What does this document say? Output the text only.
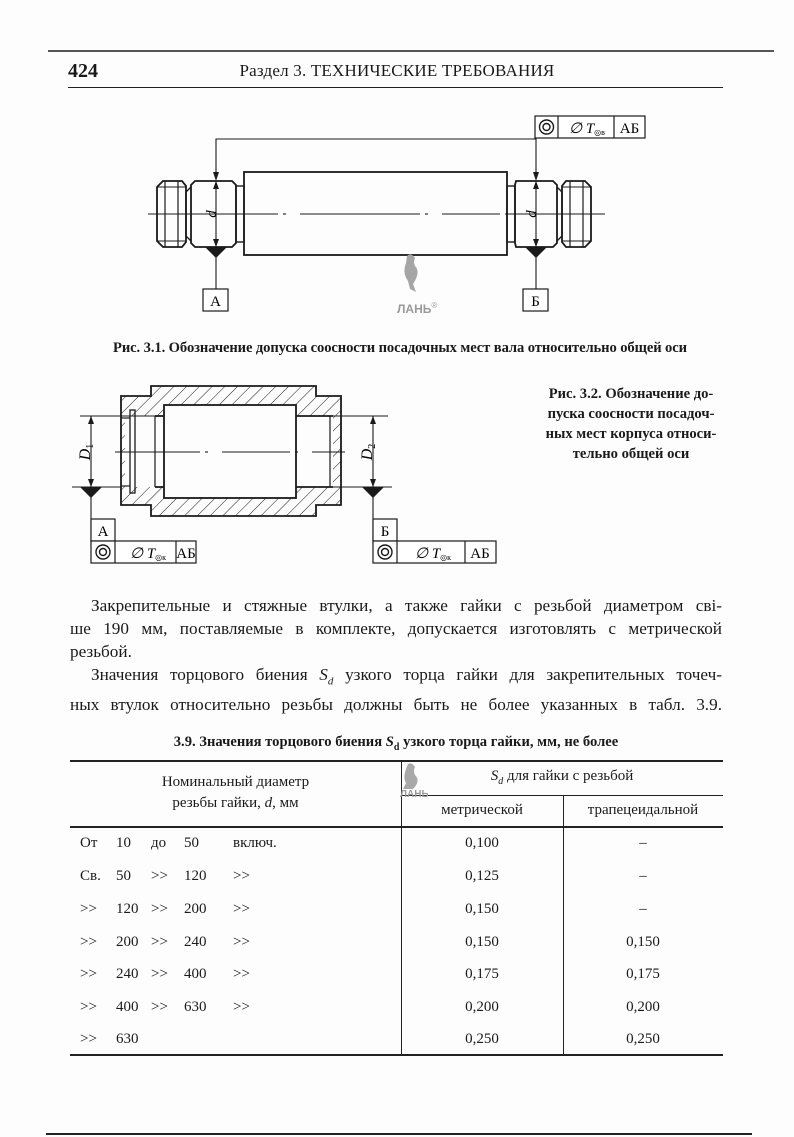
424	Раздел 3. ТЕХНИЧЕСКИЕ ТРЕБОВАНИЯ
d	d
А	Б
∅ T◎в АБ
ЛАНЬ®
Рис. 3.1. Обозначение допуска соосности посадочных мест вала относительно общей оси
D1
D2
А
∅ T◎к АБ
Б
∅ T◎к АБ
Рис. 3.2. Обозначение до-
пуска соосности посадоч-
ных мест корпуса относи-
тельно общей оси
Закрепительные и стяжные втулки, а также гайки с резьбой диаметром сві-
ше 190 мм, поставляемые в комплекте, допускается изготовлять с метрической
резьбой.
Значения торцового биения $S_d$ узкого торца гайки для закрепительных точеч-
ных втулок относительно резьбы должны быть не более указанных в табл. 3.9.
3.9. Значения торцового биения $S_d$ узкого торца гайки, мм, не более
Номинальный диаметр
резьбы гайки, d, мм
$S_d$ для гайки с резьбой
метрической	трапецеидальной
От 10 до 50 включ.	0,100	–
Св. 50 >> 120 >>	0,125	–
>> 120 >> 200 >>	0,150	–
>> 200 >> 240 >>	0,150	0,150
>> 240 >> 400 >>	0,175	0,175
>> 400 >> 630 >>	0,200	0,200
>> 630	0,250	0,250
ЛАНЬ
